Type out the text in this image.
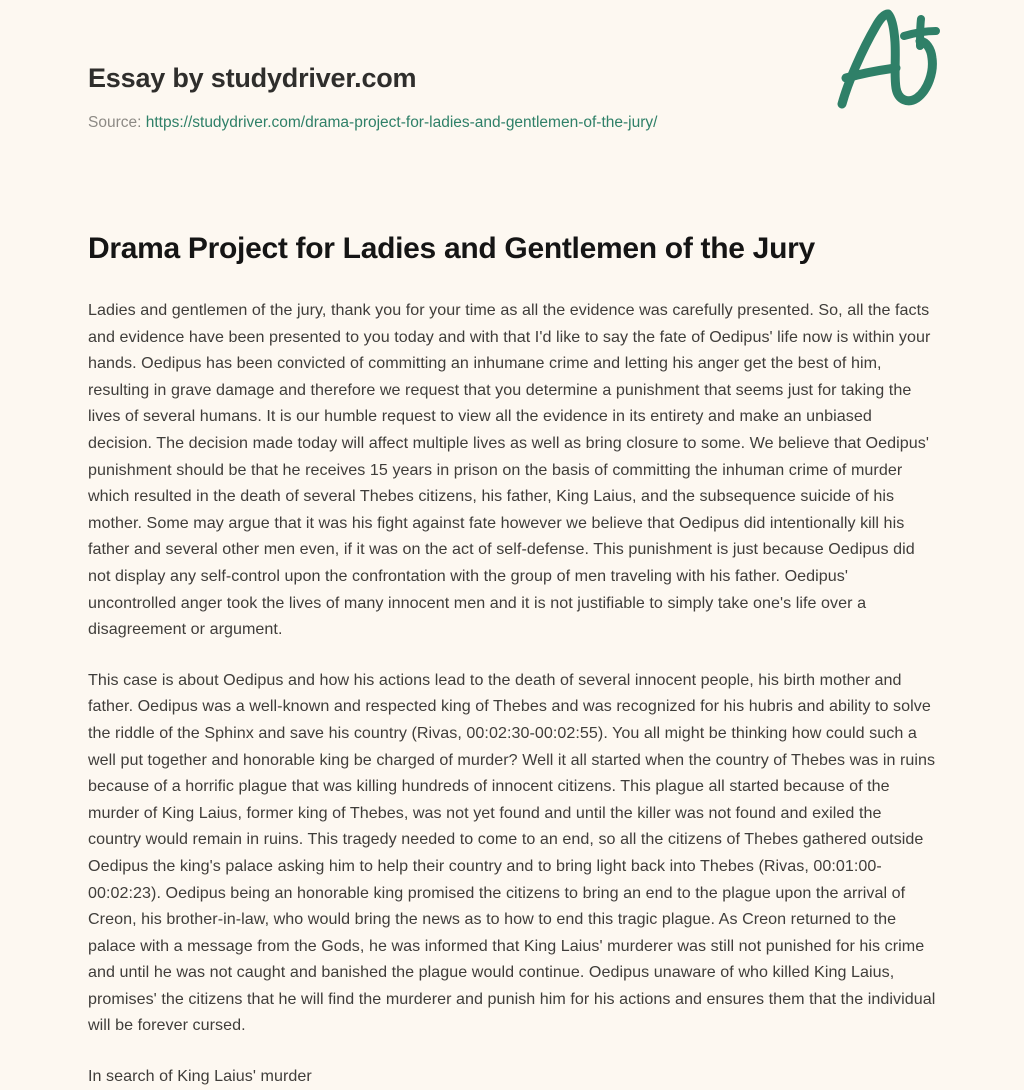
Essay by studydriver.com

Source: https://studydriver.com/drama-project-for-ladies-and-gentlemen-of-the-jury/

Drama Project for Ladies and Gentlemen of the Jury

Ladies and gentlemen of the jury, thank you for your time as all the evidence was carefully presented. So, all the facts and evidence have been presented to you today and with that I'd like to say the fate of Oedipus' life now is within your hands. Oedipus has been convicted of committing an inhumane crime and letting his anger get the best of him, resulting in grave damage and therefore we request that you determine a punishment that seems just for taking the lives of several humans. It is our humble request to view all the evidence in its entirety and make an unbiased decision. The decision made today will affect multiple lives as well as bring closure to some. We believe that Oedipus' punishment should be that he receives 15 years in prison on the basis of committing the inhuman crime of murder which resulted in the death of several Thebes citizens, his father, King Laius, and the subsequence suicide of his mother. Some may argue that it was his fight against fate however we believe that Oedipus did intentionally kill his father and several other men even, if it was on the act of self-defense. This punishment is just because Oedipus did not display any self-control upon the confrontation with the group of men traveling with his father. Oedipus' uncontrolled anger took the lives of many innocent men and it is not justifiable to simply take one's life over a disagreement or argument.

This case is about Oedipus and how his actions lead to the death of several innocent people, his birth mother and father. Oedipus was a well-known and respected king of Thebes and was recognized for his hubris and ability to solve the riddle of the Sphinx and save his country (Rivas, 00:02:30-00:02:55). You all might be thinking how could such a well put together and honorable king be charged of murder? Well it all started when the country of Thebes was in ruins because of a horrific plague that was killing hundreds of innocent citizens. This plague all started because of the murder of King Laius, former king of Thebes, was not yet found and until the killer was not found and exiled the country would remain in ruins. This tragedy needed to come to an end, so all the citizens of Thebes gathered outside Oedipus the king's palace asking him to help their country and to bring light back into Thebes (Rivas, 00:01:00-00:02:23). Oedipus being an honorable king promised the citizens to bring an end to the plague upon the arrival of Creon, his brother-in-law, who would bring the news as to how to end this tragic plague. As Creon returned to the palace with a message from the Gods, he was informed that King Laius' murderer was still not punished for his crime and until he was not caught and banished the plague would continue. Oedipus unaware of who killed King Laius, promises' the citizens that he will find the murderer and punish him for his actions and ensures them that the individual will be forever cursed.

In search of King Laius' murder
